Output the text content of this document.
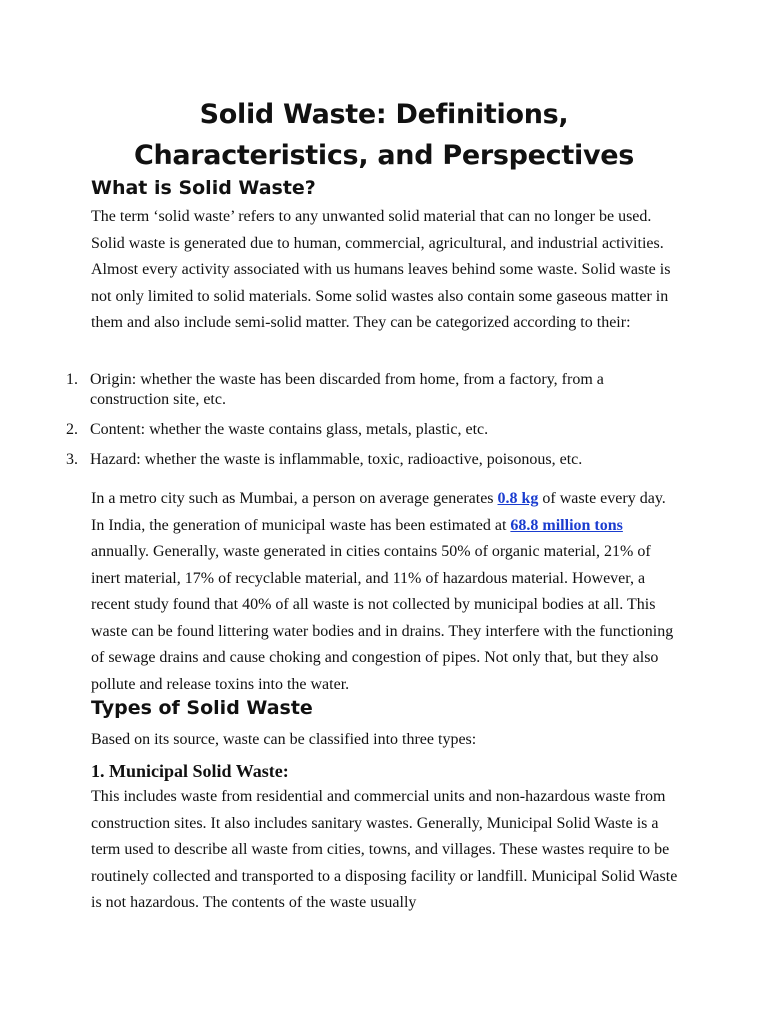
Solid Waste: Definitions, Characteristics, and Perspectives
What is Solid Waste?

The term ‘solid waste’ refers to any unwanted solid material that can no longer be used. Solid waste is generated due to human, commercial, agricultural, and industrial activities. Almost every activity associated with us humans leaves behind some waste. Solid waste is not only limited to solid materials. Some solid wastes also contain some gaseous matter in them and also include semi-solid matter. They can be categorized according to their:

1. Origin: whether the waste has been discarded from home, from a factory, from a construction site, etc.
2. Content: whether the waste contains glass, metals, plastic, etc.
3. Hazard: whether the waste is inflammable, toxic, radioactive, poisonous, etc.

In a metro city such as Mumbai, a person on average generates 0.8 kg of waste every day. In India, the generation of municipal waste has been estimated at 68.8 million tons annually. Generally, waste generated in cities contains 50% of organic material, 21% of inert material, 17% of recyclable material, and 11% of hazardous material. However, a recent study found that 40% of all waste is not collected by municipal bodies at all. This waste can be found littering water bodies and in drains. They interfere with the functioning of sewage drains and cause choking and congestion of pipes. Not only that, but they also pollute and release toxins into the water.

Types of Solid Waste

Based on its source, waste can be classified into three types:

1. Municipal Solid Waste:

This includes waste from residential and commercial units and non-hazardous waste from construction sites. It also includes sanitary wastes. Generally, Municipal Solid Waste is a term used to describe all waste from cities, towns, and villages. These wastes require to be routinely collected and transported to a disposing facility or landfill. Municipal Solid Waste is not hazardous. The contents of the waste usually
